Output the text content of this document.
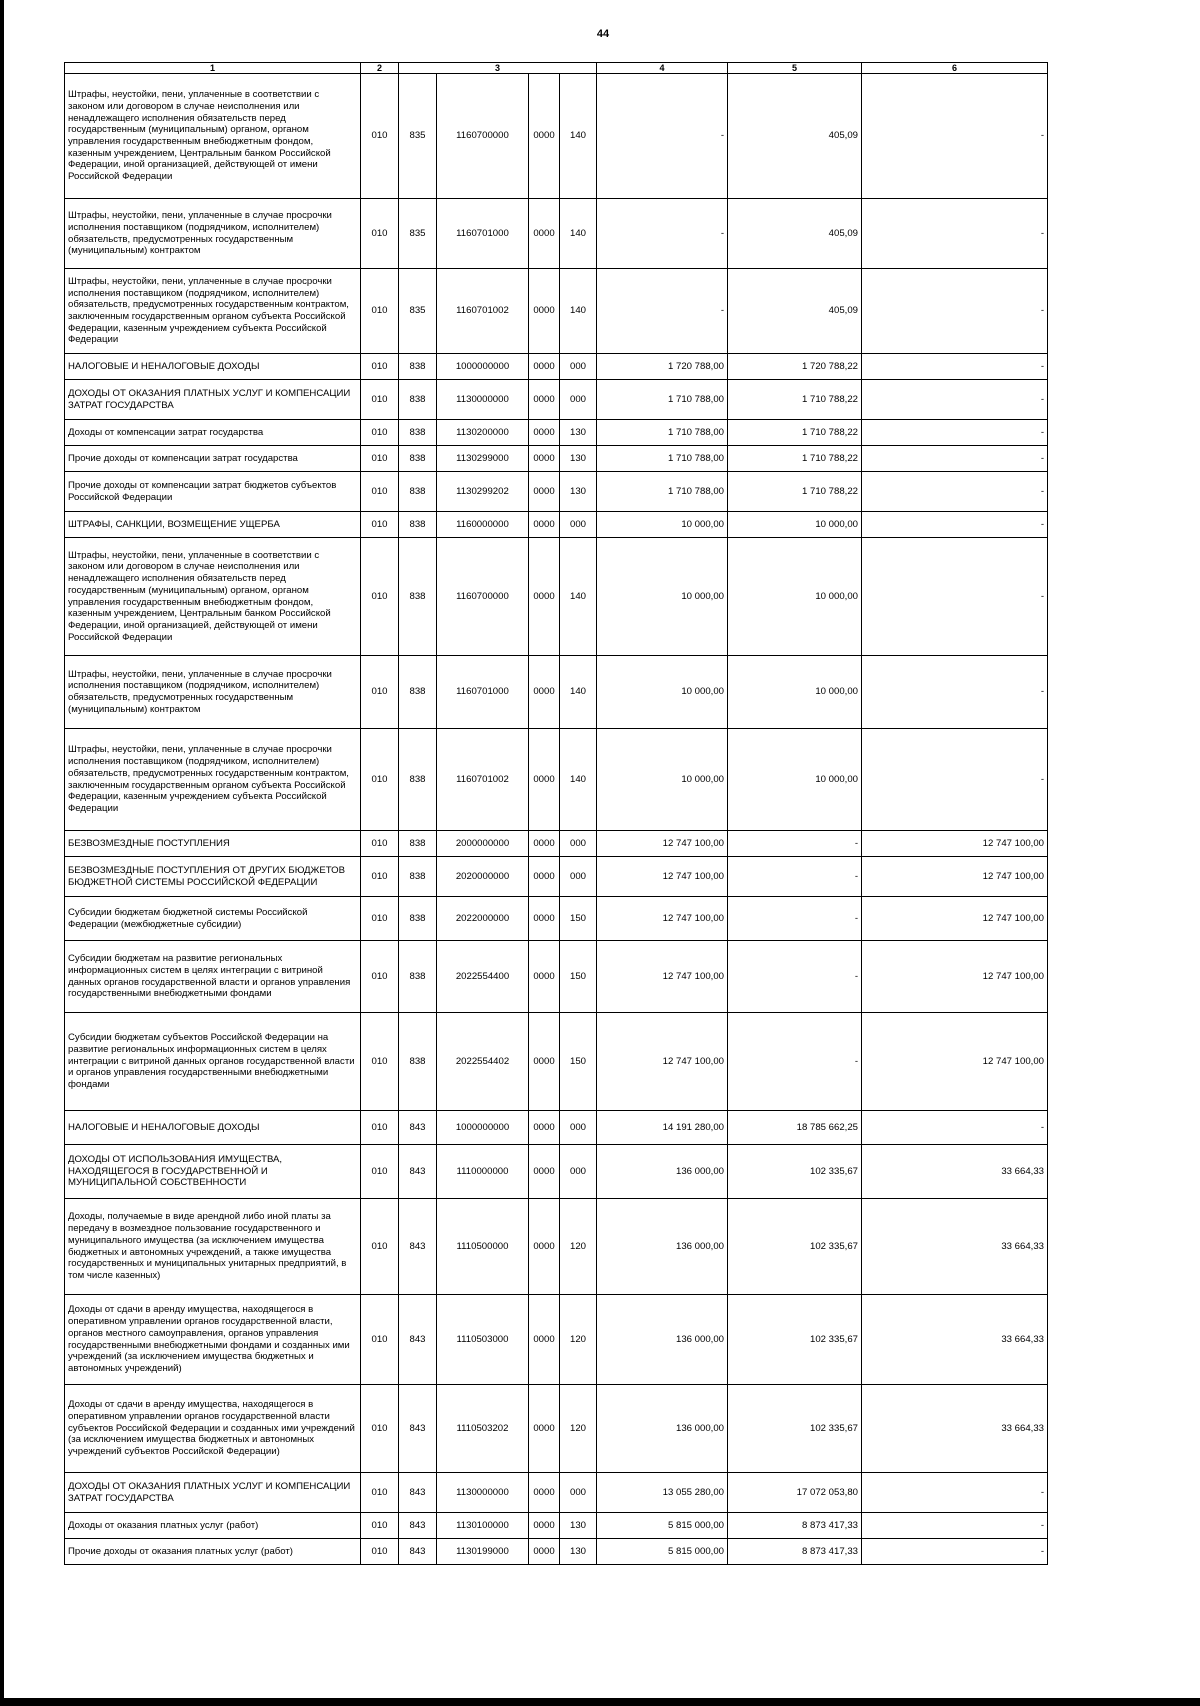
44
1	2	3				4	5	6
Штрафы, неустойки, пени, уплаченные в соответствии с законом или договором в случае неисполнения или ненадлежащего исполнения обязательств перед государственным (муниципальным) органом, органом управления государственным внебюджетным фондом, казенным учреждением, Центральным банком Российской Федерации, иной организацией, действующей от имени Российской Федерации	010	835	1160700000	0000	140	-	405,09	-
Штрафы, неустойки, пени, уплаченные в случае просрочки исполнения поставщиком (подрядчиком, исполнителем) обязательств, предусмотренных государственным (муниципальным) контрактом	010	835	1160701000	0000	140	-	405,09	-
Штрафы, неустойки, пени, уплаченные в случае просрочки исполнения поставщиком (подрядчиком, исполнителем) обязательств, предусмотренных государственным контрактом, заключенным государственным органом субъекта Российской Федерации, казенным учреждением субъекта Российской Федерации	010	835	1160701002	0000	140	-	405,09	-
НАЛОГОВЫЕ И НЕНАЛОГОВЫЕ ДОХОДЫ	010	838	1000000000	0000	000	1 720 788,00	1 720 788,22	-
ДОХОДЫ ОТ ОКАЗАНИЯ ПЛАТНЫХ УСЛУГ И КОМПЕНСАЦИИ ЗАТРАТ ГОСУДАРСТВА	010	838	1130000000	0000	000	1 710 788,00	1 710 788,22	-
Доходы от компенсации затрат государства	010	838	1130200000	0000	130	1 710 788,00	1 710 788,22	-
Прочие доходы от компенсации затрат государства	010	838	1130299000	0000	130	1 710 788,00	1 710 788,22	-
Прочие доходы от компенсации затрат бюджетов субъектов Российской Федерации	010	838	1130299202	0000	130	1 710 788,00	1 710 788,22	-
ШТРАФЫ, САНКЦИИ, ВОЗМЕЩЕНИЕ УЩЕРБА	010	838	1160000000	0000	000	10 000,00	10 000,00	-
Штрафы, неустойки, пени, уплаченные в соответствии с законом или договором в случае неисполнения или ненадлежащего исполнения обязательств перед государственным (муниципальным) органом, органом управления государственным внебюджетным фондом, казенным учреждением, Центральным банком Российской Федерации, иной организацией, действующей от имени Российской Федерации	010	838	1160700000	0000	140	10 000,00	10 000,00	-
Штрафы, неустойки, пени, уплаченные в случае просрочки исполнения поставщиком (подрядчиком, исполнителем) обязательств, предусмотренных государственным (муниципальным) контрактом	010	838	1160701000	0000	140	10 000,00	10 000,00	-
Штрафы, неустойки, пени, уплаченные в случае просрочки исполнения поставщиком (подрядчиком, исполнителем) обязательств, предусмотренных государственным контрактом, заключенным государственным органом субъекта Российской Федерации, казенным учреждением субъекта Российской Федерации	010	838	1160701002	0000	140	10 000,00	10 000,00	-
БЕЗВОЗМЕЗДНЫЕ ПОСТУПЛЕНИЯ	010	838	2000000000	0000	000	12 747 100,00	-	12 747 100,00
БЕЗВОЗМЕЗДНЫЕ ПОСТУПЛЕНИЯ ОТ ДРУГИХ БЮДЖЕТОВ БЮДЖЕТНОЙ СИСТЕМЫ РОССИЙСКОЙ ФЕДЕРАЦИИ	010	838	2020000000	0000	000	12 747 100,00	-	12 747 100,00
Субсидии бюджетам бюджетной системы Российской Федерации (межбюджетные субсидии)	010	838	2022000000	0000	150	12 747 100,00	-	12 747 100,00
Субсидии бюджетам на развитие региональных информационных систем в целях интеграции с витриной данных органов государственной власти и органов управления государственными внебюджетными фондами	010	838	2022554400	0000	150	12 747 100,00	-	12 747 100,00
Субсидии бюджетам субъектов Российской Федерации на развитие региональных информационных систем в целях интеграции с витриной данных органов государственной власти и органов управления государственными внебюджетными фондами	010	838	2022554402	0000	150	12 747 100,00	-	12 747 100,00
НАЛОГОВЫЕ И НЕНАЛОГОВЫЕ ДОХОДЫ	010	843	1000000000	0000	000	14 191 280,00	18 785 662,25	-
ДОХОДЫ ОТ ИСПОЛЬЗОВАНИЯ ИМУЩЕСТВА, НАХОДЯЩЕГОСЯ В ГОСУДАРСТВЕННОЙ И МУНИЦИПАЛЬНОЙ СОБСТВЕННОСТИ	010	843	1110000000	0000	000	136 000,00	102 335,67	33 664,33
Доходы, получаемые в виде арендной либо иной платы за передачу в возмездное пользование государственного и муниципального имущества (за исключением имущества бюджетных и автономных учреждений, а также имущества государственных и муниципальных унитарных предприятий, в том числе казенных)	010	843	1110500000	0000	120	136 000,00	102 335,67	33 664,33
Доходы от сдачи в аренду имущества, находящегося в оперативном управлении органов государственной власти, органов местного самоуправления, органов управления государственными внебюджетными фондами и созданных ими учреждений (за исключением имущества бюджетных и автономных учреждений)	010	843	1110503000	0000	120	136 000,00	102 335,67	33 664,33
Доходы от сдачи в аренду имущества, находящегося в оперативном управлении органов государственной власти субъектов Российской Федерации и созданных ими учреждений (за исключением имущества бюджетных и автономных учреждений субъектов Российской Федерации)	010	843	1110503202	0000	120	136 000,00	102 335,67	33 664,33
ДОХОДЫ ОТ ОКАЗАНИЯ ПЛАТНЫХ УСЛУГ И КОМПЕНСАЦИИ ЗАТРАТ ГОСУДАРСТВА	010	843	1130000000	0000	000	13 055 280,00	17 072 053,80	-
Доходы от оказания платных услуг (работ)	010	843	1130100000	0000	130	5 815 000,00	8 873 417,33	-
Прочие доходы от оказания платных услуг (работ)	010	843	1130199000	0000	130	5 815 000,00	8 873 417,33	-
